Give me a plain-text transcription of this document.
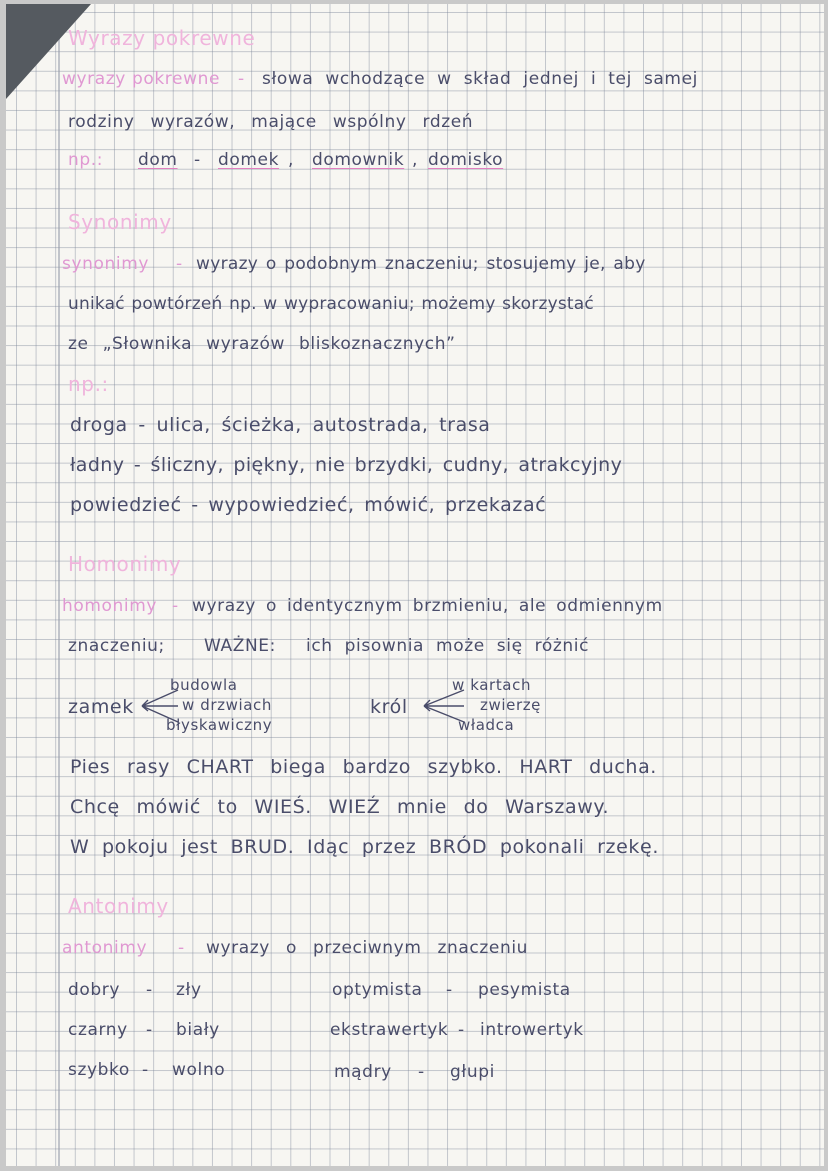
Wyrazy pokrewne
wyrazy pokrewne - słowa wchodzące w skład jednej i tej samej
rodziny wyrazów, mające wspólny rdzeń
np.: dom - domek , domownik , domisko
Synonimy
synonimy - wyrazy o podobnym znaczeniu; stosujemy je, aby
unikać powtórzeń np. w wypracowaniu; możemy skorzystać
ze „Słownika wyrazów bliskoznacznych”
np.:
droga - ulica, ścieżka, autostrada, trasa
ładny - śliczny, piękny, nie brzydki, cudny, atrakcyjny
powiedzieć - wypowiedzieć, mówić, przekazać
Homonimy
homonimy - wyrazy o identycznym brzmieniu, ale odmiennym
znaczeniu; WAŻNE: ich pisownia może się różnić
budowla
zamek	w drzwiach
błyskawiczny
w kartach
król	zwierzę
władca
Pies rasy CHART biega bardzo szybko. HART ducha.
Chcę mówić to WIEŚ. WIEŹ mnie do Warszawy.
W pokoju jest BRUD. Idąc przez BRÓD pokonali rzekę.
Antonimy
antonimy - wyrazy o przeciwnym znaczeniu
dobry - zły	optymista - pesymista
czarny - biały	ekstrawertyk - introwertyk
szybko - wolno	mądry - głupi
